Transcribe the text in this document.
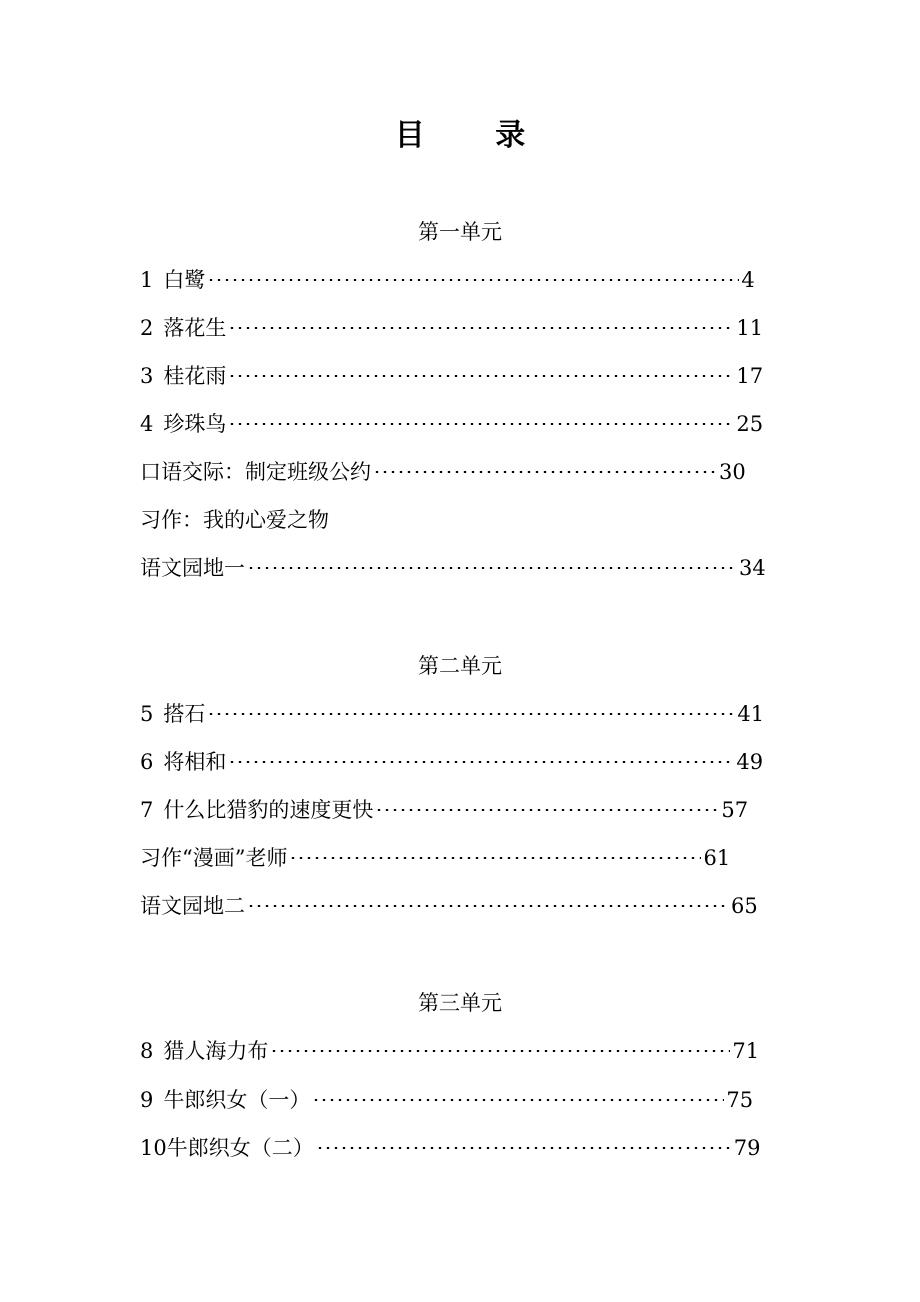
目 录
第一单元
1 白鹭	4
2 落花生	11
3 桂花雨	17
4 珍珠鸟	25
口语交际：制定班级公约	30
习作：我的心爱之物
语文园地一	34
第二单元
5 搭石	41
6 将相和	49
7 什么比猎豹的速度更快	57
习作“漫画”老师	61
语文园地二	65
第三单元
8 猎人海力布	71
9 牛郎织女（一）	75
10 牛郎织女（二）	79
